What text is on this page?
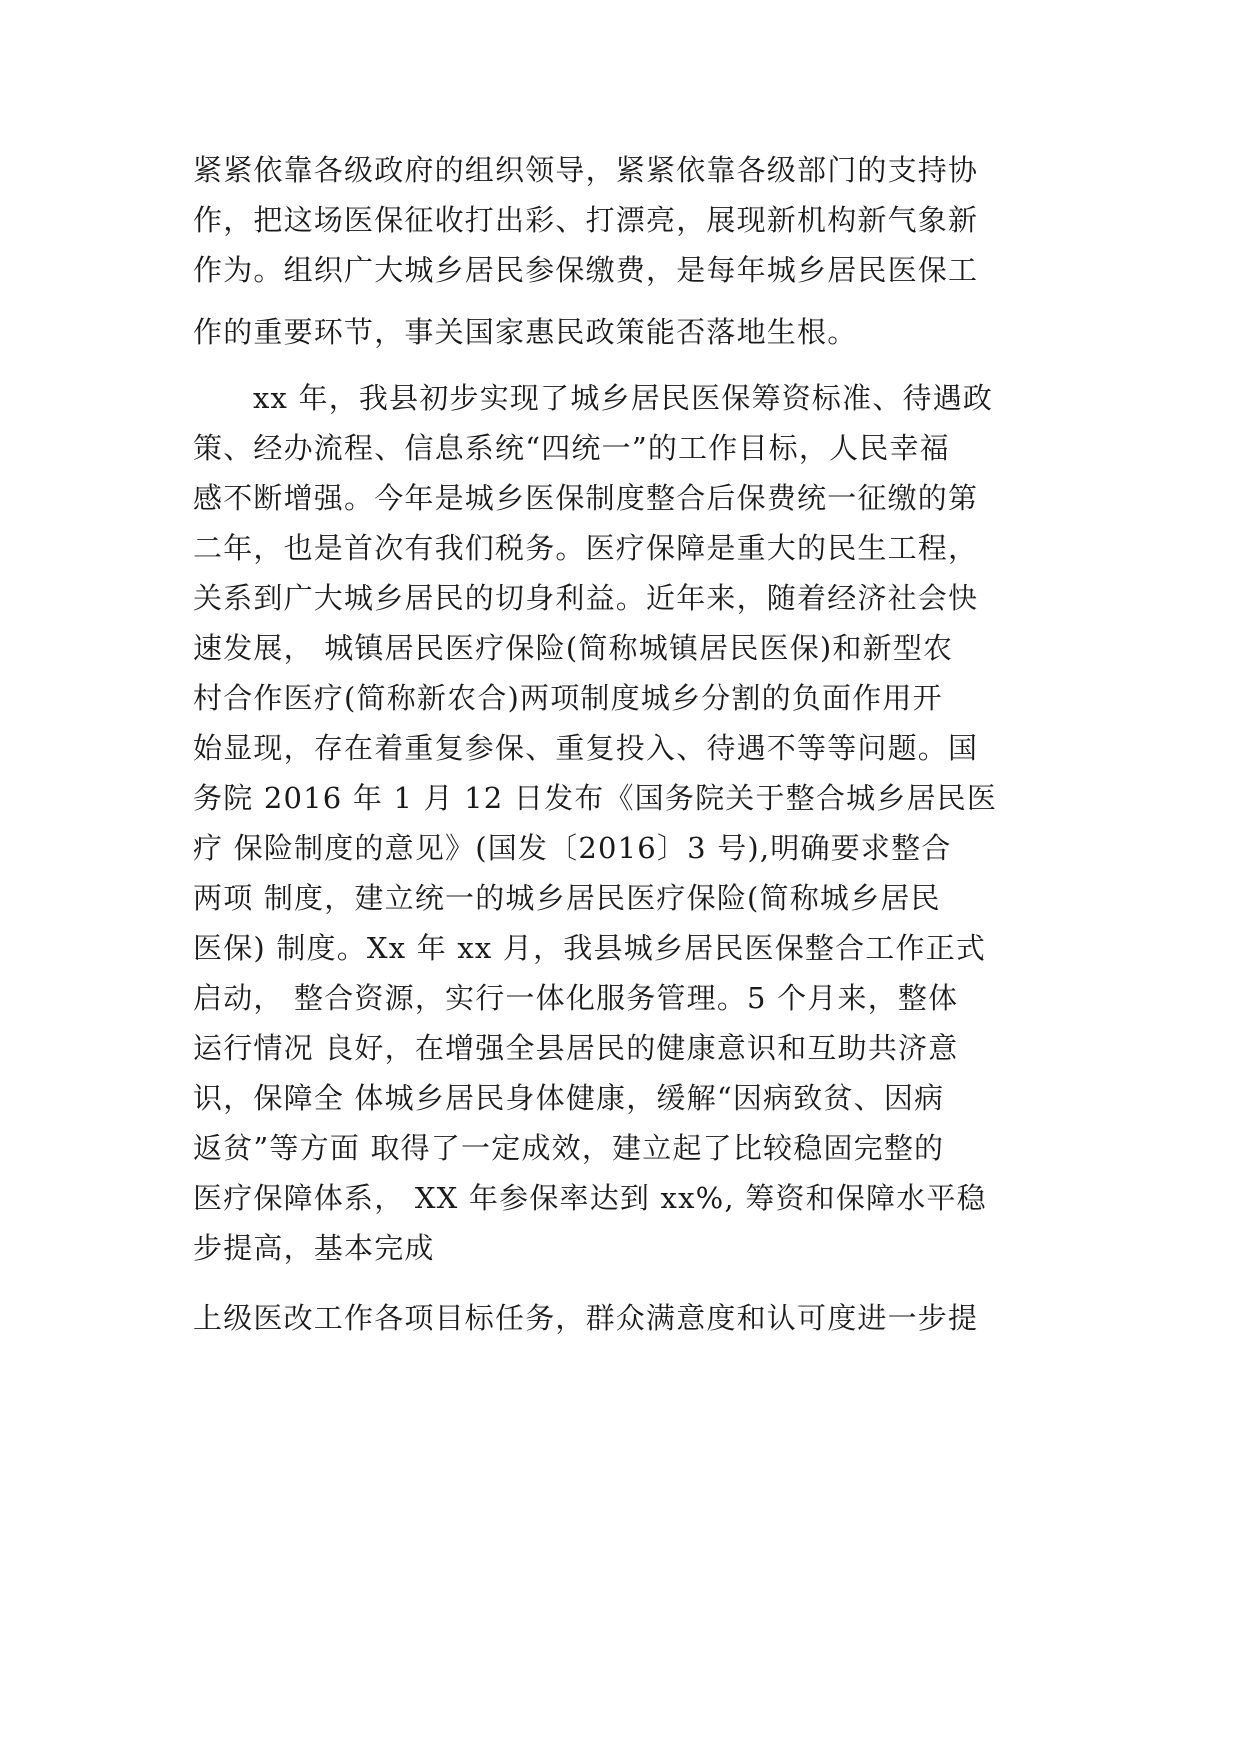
紧紧依靠各级政府的组织领导，紧紧依靠各级部门的支持协
作，把这场医保征收打出彩、打漂亮，展现新机构新气象新
作为。组织广大城乡居民参保缴费，是每年城乡居民医保工
作的重要环节，事关国家惠民政策能否落地生根。
xx 年，我县初步实现了城乡居民医保筹资标准、待遇政
策、经办流程、信息系统“四统一”的工作目标，人民幸福
感不断增强。今年是城乡医保制度整合后保费统一征缴的第
二年，也是首次有我们税务。医疗保障是重大的民生工程，
关系到广大城乡居民的切身利益。近年来，随着经济社会快
速发展， 城镇居民医疗保险(简称城镇居民医保)和新型农
村合作医疗(简称新农合)两项制度城乡分割的负面作用开
始显现，存在着重复参保、重复投入、待遇不等等问题。国
务院 2016 年 1 月 12 日发布《国务院关于整合城乡居民医
疗 保险制度的意见》(国发〔2016〕3 号),明确要求整合
两项 制度，建立统一的城乡居民医疗保险(简称城乡居民
医保) 制度。Xx 年 xx 月，我县城乡居民医保整合工作正式
启动， 整合资源，实行一体化服务管理。5 个月来，整体
运行情况 良好，在增强全县居民的健康意识和互助共济意
识，保障全 体城乡居民身体健康，缓解“因病致贫、因病
返贫”等方面 取得了一定成效，建立起了比较稳固完整的
医疗保障体系， XX 年参保率达到 xx%, 筹资和保障水平稳
步提高，基本完成
上级医改工作各项目标任务，群众满意度和认可度进一步提
